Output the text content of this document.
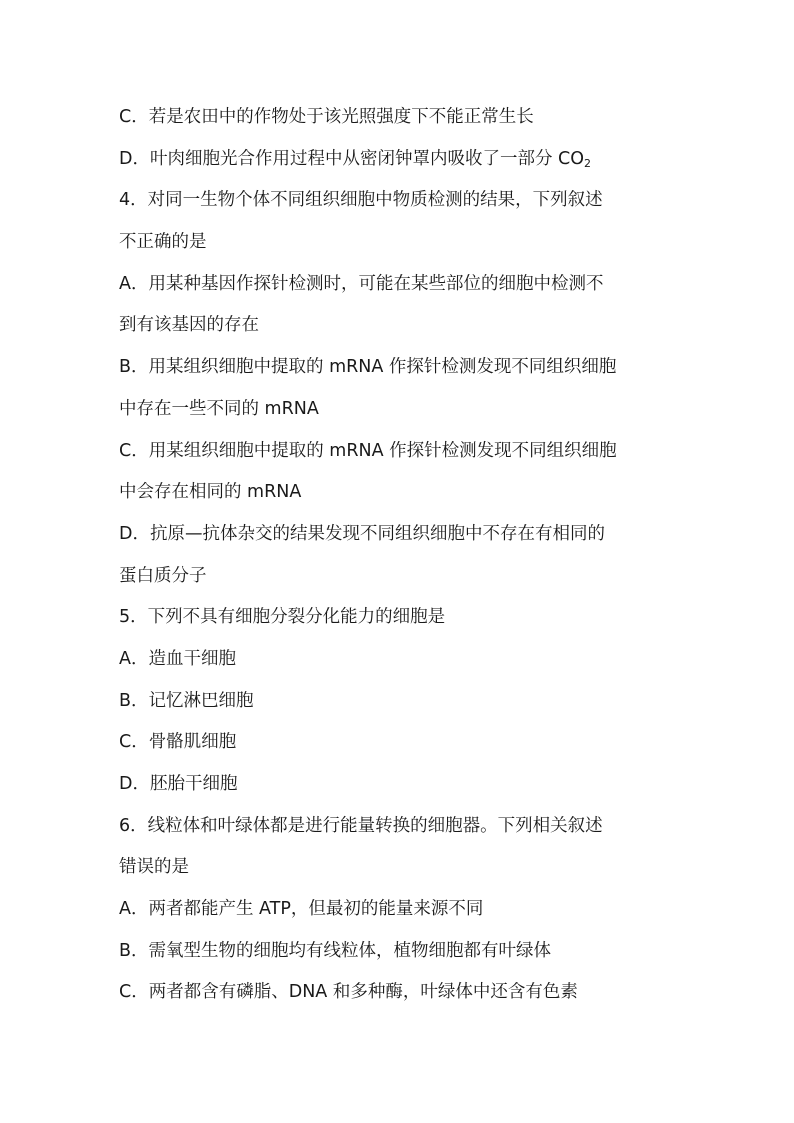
C．若是农田中的作物处于该光照强度下不能正常生长
D．叶肉细胞光合作用过程中从密闭钟罩内吸收了一部分 CO2
4．对同一生物个体不同组织细胞中物质检测的结果，下列叙述
不正确的是
A．用某种基因作探针检测时，可能在某些部位的细胞中检测不
到有该基因的存在
B．用某组织细胞中提取的 mRNA 作探针检测发现不同组织细胞
中存在一些不同的 mRNA
C．用某组织细胞中提取的 mRNA 作探针检测发现不同组织细胞
中会存在相同的 mRNA
D．抗原—抗体杂交的结果发现不同组织细胞中不存在有相同的
蛋白质分子
5．下列不具有细胞分裂分化能力的细胞是
A．造血干细胞
B．记忆淋巴细胞
C．骨骼肌细胞
D．胚胎干细胞
6．线粒体和叶绿体都是进行能量转换的细胞器。下列相关叙述
错误的是
A．两者都能产生 ATP，但最初的能量来源不同
B．需氧型生物的细胞均有线粒体，植物细胞都有叶绿体
C．两者都含有磷脂、DNA 和多种酶，叶绿体中还含有色素
